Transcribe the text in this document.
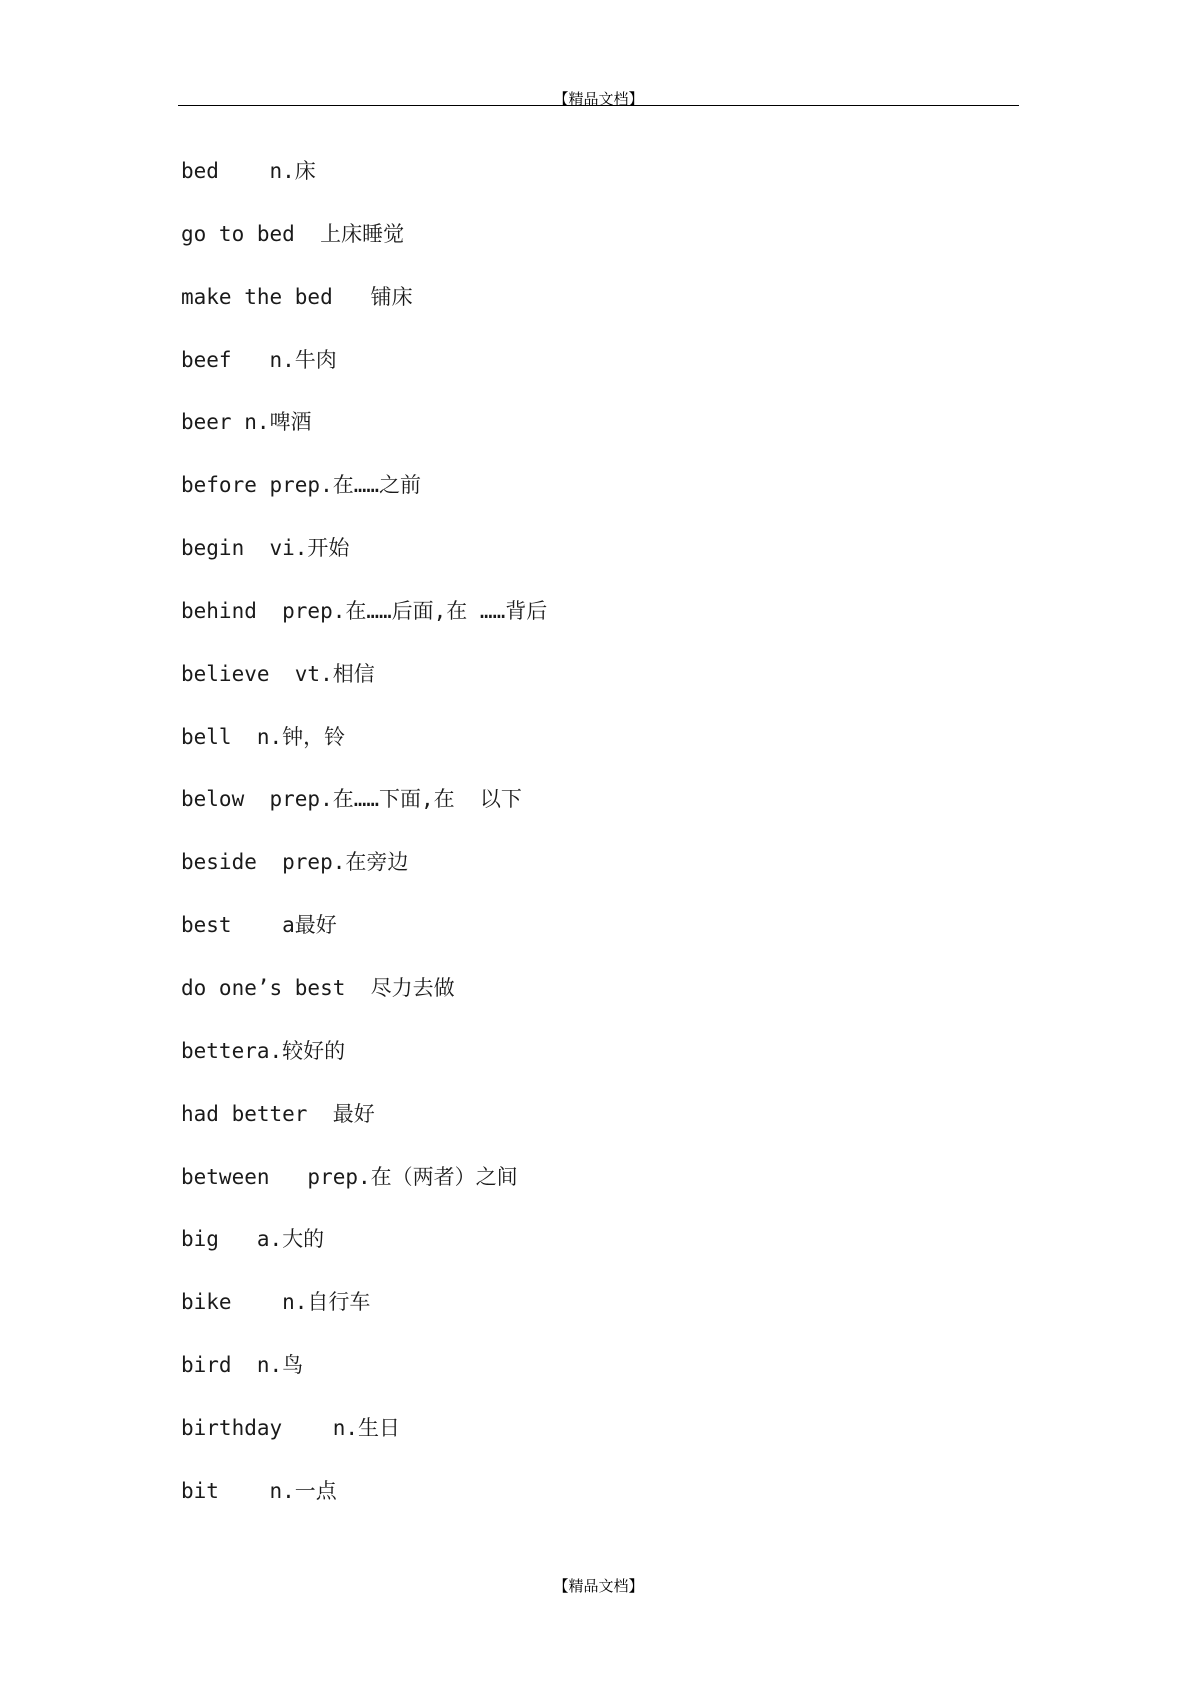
【精品文档】
bed    n.床
go to bed  上床睡觉
make the bed   铺床
beef   n.牛肉
beer n.啤酒
before prep.在……之前
begin  vi.开始
behind  prep.在……后面,在 ……背后
believe  vt.相信
bell  n.钟，铃
below  prep.在……下面,在  以下
beside  prep.在旁边
best    a最好
do one’s best  尽力去做
bettera.较好的
had better  最好
between   prep.在（两者）之间
big   a.大的
bike    n.自行车
bird  n.鸟
birthday    n.生日
bit    n.一点
【精品文档】
